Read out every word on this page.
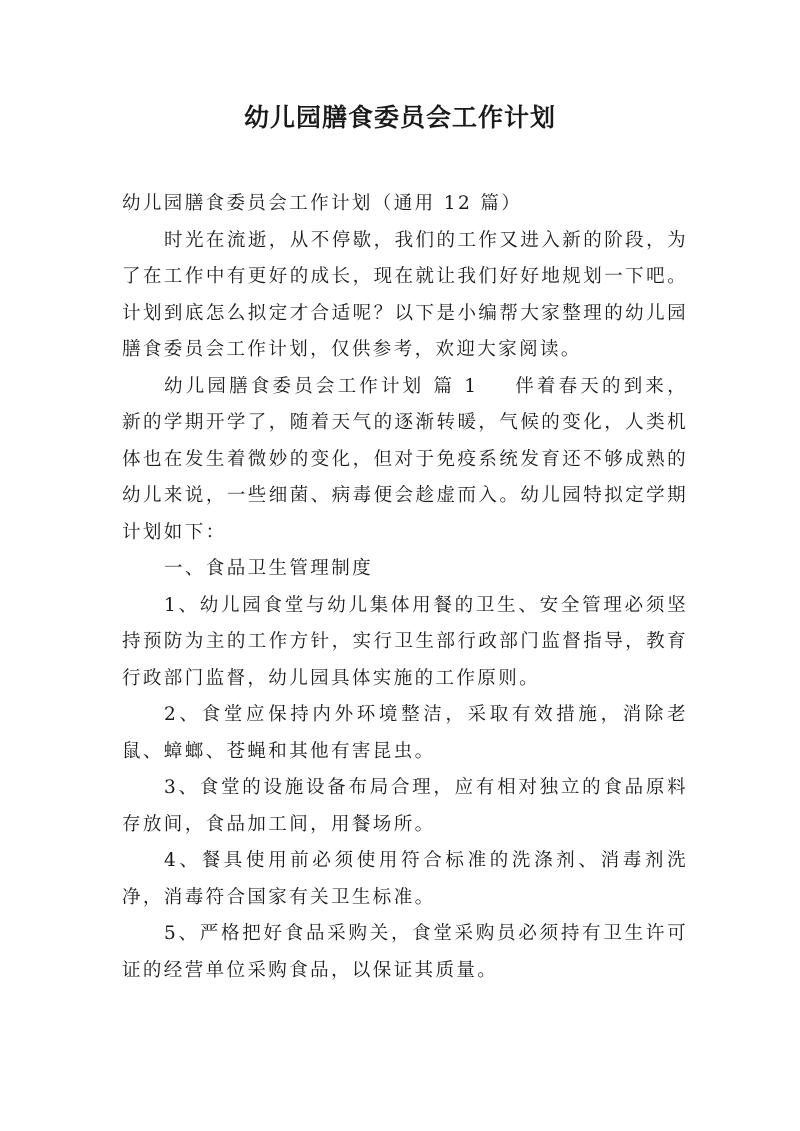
幼儿园膳食委员会工作计划

幼儿园膳食委员会工作计划（通用 12 篇）

时光在流逝，从不停歇，我们的工作又进入新的阶段，为了在工作中有更好的成长，现在就让我们好好地规划一下吧。计划到底怎么拟定才合适呢？以下是小编帮大家整理的幼儿园膳食委员会工作计划，仅供参考，欢迎大家阅读。

幼儿园膳食委员会工作计划 篇 1 伴着春天的到来，新的学期开学了，随着天气的逐渐转暖，气候的变化，人类机体也在发生着微妙的变化，但对于免疫系统发育还不够成熟的幼儿来说，一些细菌、病毒便会趁虚而入。幼儿园特拟定学期计划如下：

一、食品卫生管理制度

1、幼儿园食堂与幼儿集体用餐的卫生、安全管理必须坚持预防为主的工作方针，实行卫生部行政部门监督指导，教育行政部门监督，幼儿园具体实施的工作原则。

2、食堂应保持内外环境整洁，采取有效措施，消除老鼠、蟑螂、苍蝇和其他有害昆虫。

3、食堂的设施设备布局合理，应有相对独立的食品原料存放间，食品加工间，用餐场所。

4、餐具使用前必须使用符合标准的洗涤剂、消毒剂洗净，消毒符合国家有关卫生标准。

5、严格把好食品采购关，食堂采购员必须持有卫生许可证的经营单位采购食品，以保证其质量。
